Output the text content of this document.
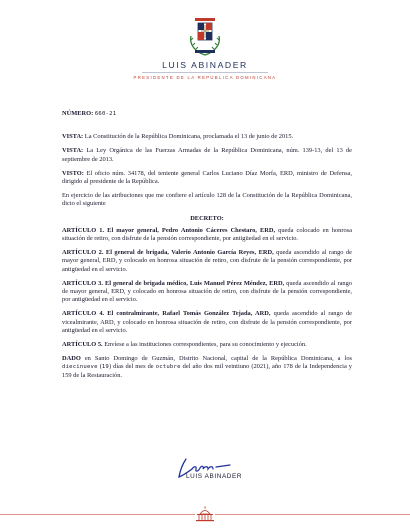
LUIS ABINADER
PRESIDENTE DE LA REPÚBLICA DOMINICANA

NÚMERO: 660-21

VISTA: La Constitución de la República Dominicana, proclamada el 13 de junio de 2015.

VISTA: La Ley Orgánica de las Fuerzas Armadas de la República Dominicana, núm. 139-13, del 13 de septiembre de 2013.

VISTO: El oficio núm. 34178, del teniente general Carlos Luciano Díaz Morfa, ERD, ministro de Defensa, dirigido al presidente de la República.

En ejercicio de las atribuciones que me confiere el artículo 128 de la Constitución de la República Dominicana, dicto el siguiente

DECRETO:

ARTÍCULO 1. El mayor general, Pedro Antonio Cáceres Chestaro, ERD, queda colocado en honrosa situación de retiro, con disfrute de la pensión correspondiente, por antigüedad en el servicio.

ARTÍCULO 2. El general de brigada, Valerio Antonio García Reyes, ERD, queda ascendido al rango de mayor general, ERD, y colocado en honrosa situación de retiro, con disfrute de la pensión correspondiente, por antigüedad en el servicio.

ARTÍCULO 3. El general de brigada médico, Luis Manuel Pérez Méndez, ERD, queda ascendido al rango de mayor general, ERD, y colocado en honrosa situación de retiro, con disfrute de la pensión correspondiente, por antigüedad en el servicio.

ARTÍCULO 4. El contralmirante, Rafael Tomás González Tejada, ARD, queda ascendido al rango de vicealmirante, ARD, y colocado en honrosa situación de retiro, con disfrute de la pensión correspondiente, por antigüedad en el servicio.

ARTÍCULO 5. Envíese a las instituciones correspondientes, para su conocimiento y ejecución.

DADO en Santo Domingo de Guzmán, Distrito Nacional, capital de la República Dominicana, a los diecinueve (19) días del mes de octubre del año dos mil veintiuno (2021), año 178 de la Independencia y 159 de la Restauración.

LUIS ABINADER
